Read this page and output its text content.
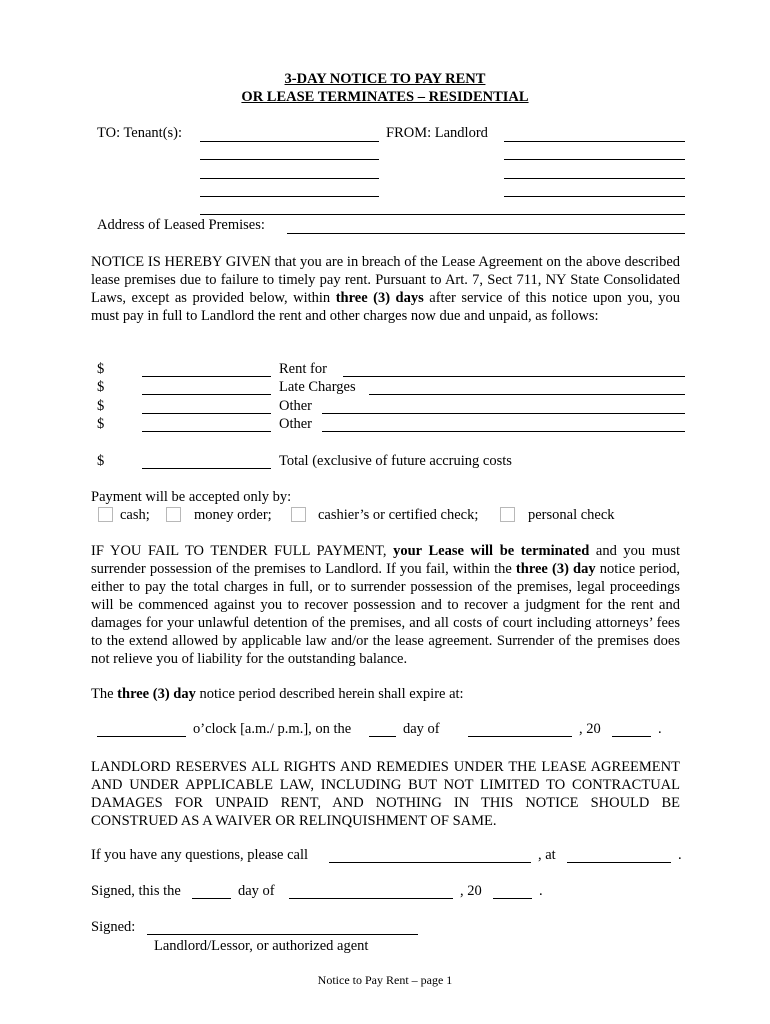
3-DAY NOTICE TO PAY RENT
OR LEASE TERMINATES – RESIDENTIAL
TO: Tenant(s):	FROM: Landlord
Address of Leased Premises:
NOTICE IS HEREBY GIVEN that you are in breach of the Lease Agreement on the above described lease premises due to failure to timely pay rent. Pursuant to Art. 7, Sect 711, NY State Consolidated Laws, except as provided below, within three (3) days after service of this notice upon you, you must pay in full to Landlord the rent and other charges now due and unpaid, as follows:
$	Rent for
$	Late Charges
$	Other
$	Other
$	Total (exclusive of future accruing costs
Payment will be accepted only by:
cash;	money order;	cashier’s or certified check;	personal check
IF YOU FAIL TO TENDER FULL PAYMENT, your Lease will be terminated and you must surrender possession of the premises to Landlord. If you fail, within the three (3) day notice period, either to pay the total charges in full, or to surrender possession of the premises, legal proceedings will be commenced against you to recover possession and to recover a judgment for the rent and damages for your unlawful detention of the premises, and all costs of court including attorneys’ fees to the extend allowed by applicable law and/or the lease agreement. Surrender of the premises does not relieve you of liability for the outstanding balance.
The three (3) day notice period described herein shall expire at:
o’clock [a.m./ p.m.], on the	day of	, 20	.
LANDLORD RESERVES ALL RIGHTS AND REMEDIES UNDER THE LEASE AGREEMENT AND UNDER APPLICABLE LAW, INCLUDING BUT NOT LIMITED TO CONTRACTUAL DAMAGES FOR UNPAID RENT, AND NOTHING IN THIS NOTICE SHOULD BE CONSTRUED AS A WAIVER OR RELINQUISHMENT OF SAME.
If you have any questions, please call	, at	.
Signed, this the	day of	, 20	.
Signed:
Landlord/Lessor, or authorized agent
Notice to Pay Rent – page 1
